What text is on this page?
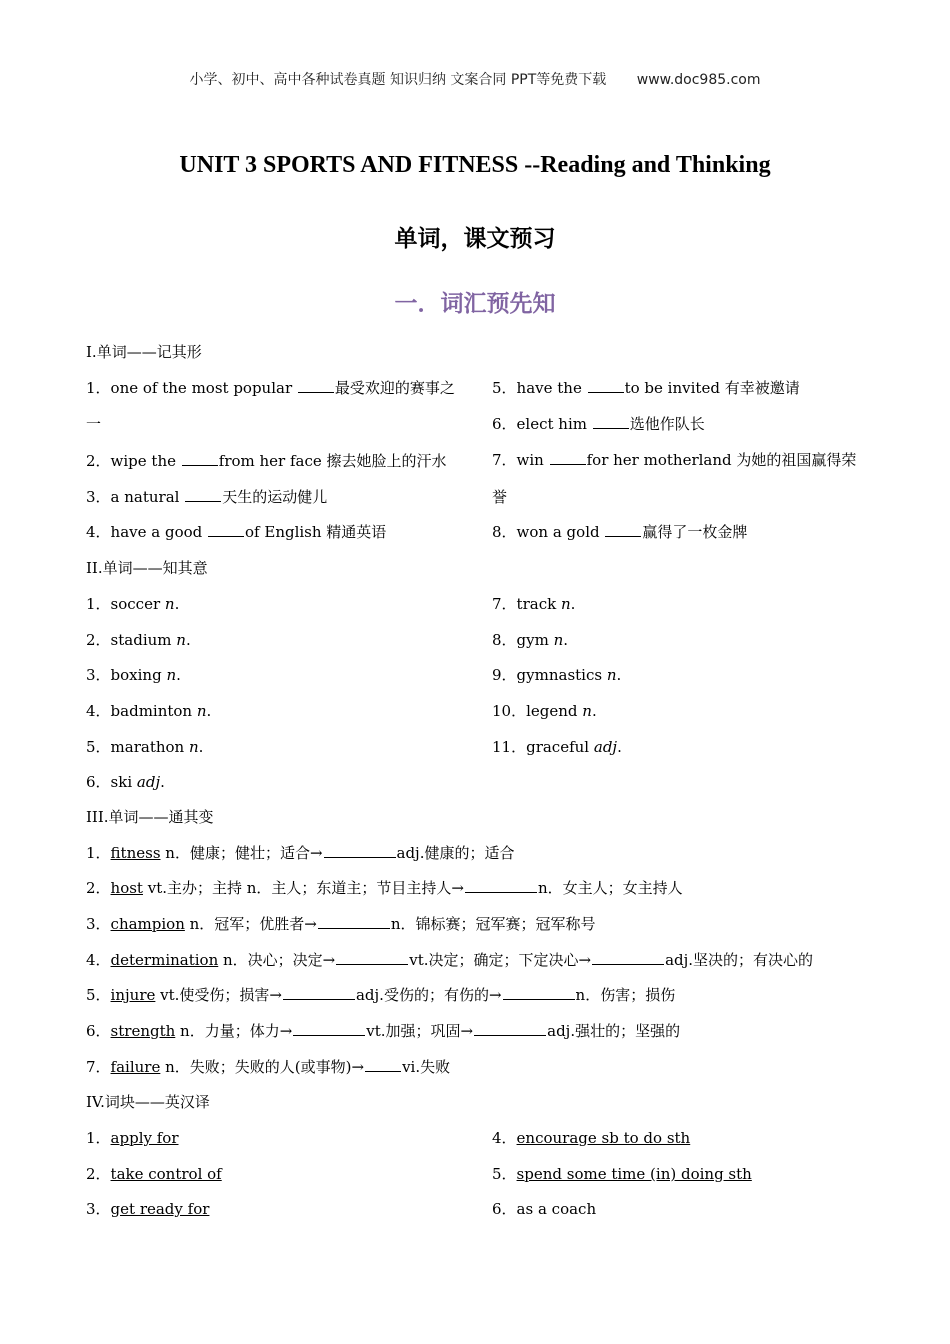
小学、初中、高中各种试卷真题 知识归纳 文案合同 PPT等免费下载 www.doc985.com
UNIT 3 SPORTS AND FITNESS --Reading and Thinking
单词，课文预习
一．词汇预先知
I.单词——记其形
1．one of the most popular	最受欢迎的赛事之
一
2．wipe the	from her face 擦去她脸上的汗水
3．a natural	天生的运动健儿
4．have a good	of English 精通英语
5．have the	to be invited 有幸被邀请
6．elect him	选他作队长
7．win	for her motherland 为她的祖国赢得荣
誉
8．won a gold	赢得了一枚金牌
II.单词——知其意
1．soccer n.
2．stadium n.
3．boxing n.
4．badminton n.
5．marathon n.
6．ski adj.
7．track n.
8．gym n.
9．gymnastics n.
10．legend n.
11．graceful adj.
III.单词——通其变
1．fitness n．健康；健壮；适合→	adj.健康的；适合
2．host vt.主办；主持 n．主人；东道主；节目主持人→	n．女主人；女主持人
3．champion n．冠军；优胜者→	n．锦标赛；冠军赛；冠军称号
4．determination n．决心；决定→	vt.决定；确定；下定决心→	adj.坚决的；有决心的
5．injure vt.使受伤；损害→	adj.受伤的；有伤的→	n．伤害；损伤
6．strength n．力量；体力→	vt.加强；巩固→	adj.强壮的；坚强的
7．failure n．失败；失败的人(或事物)→	vi.失败
IV.词块——英汉译
1．apply for
2．take control of
3．get ready for
4．encourage sb to do sth
5．spend some time (in) doing sth
6．as a coach
